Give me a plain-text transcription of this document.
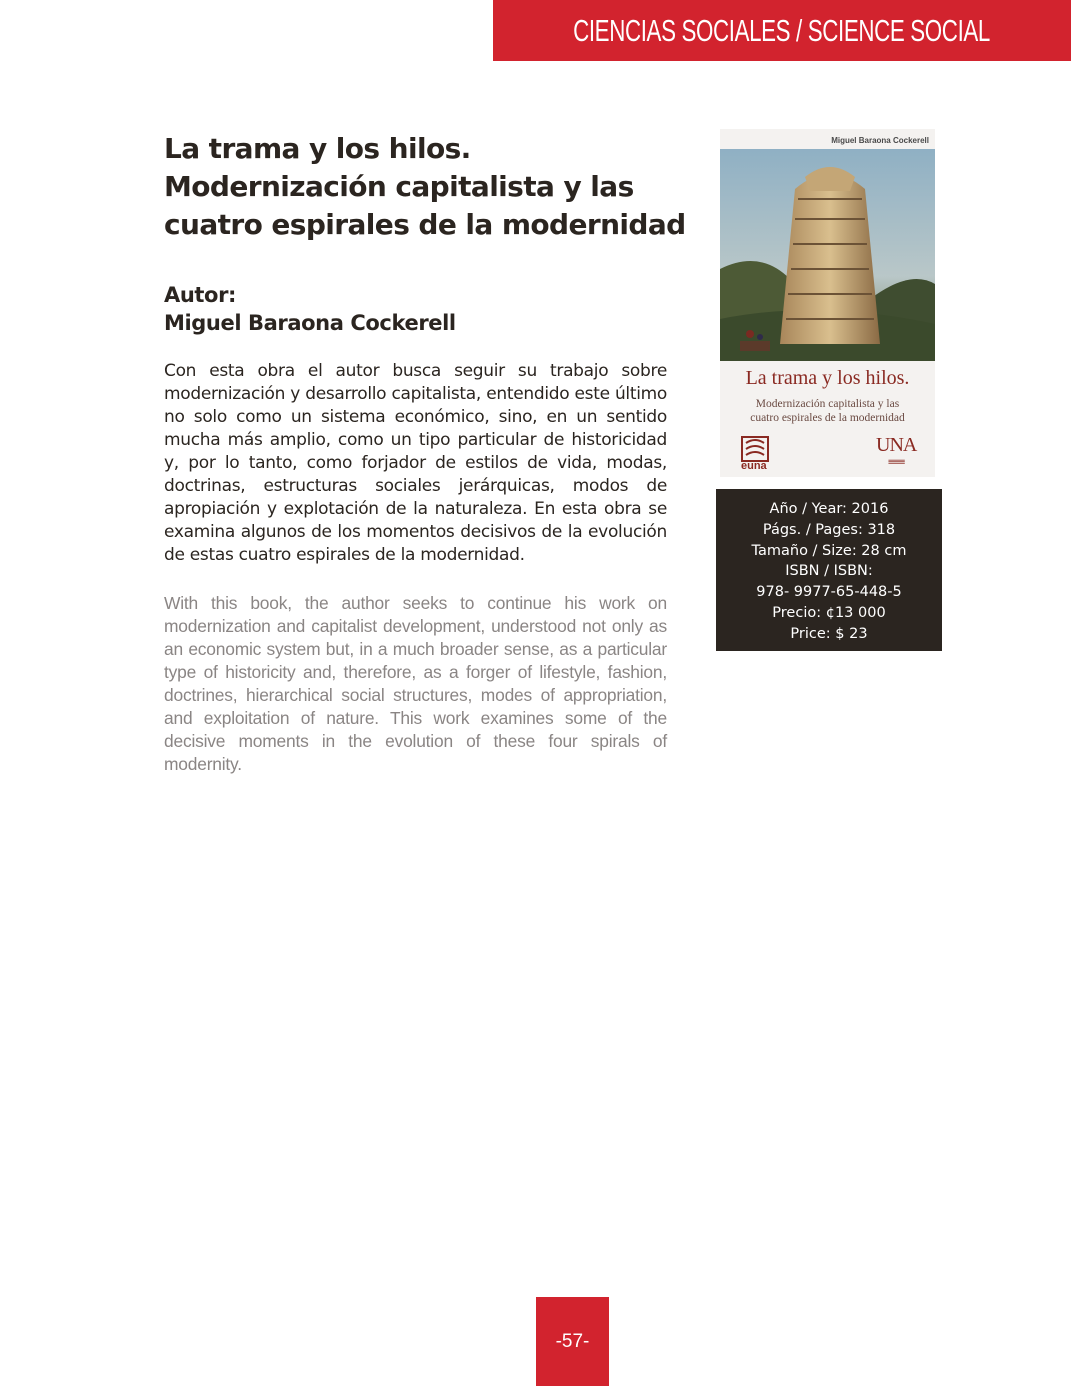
CIENCIAS SOCIALES / SCIENCE SOCIAL
La trama y los hilos.
Modernización capitalista y las
cuatro espirales de la modernidad
Autor:
Miguel Baraona Cockerell

Con esta obra el autor busca seguir su trabajo sobre modernización y desarrollo capitalista, entendido este último no solo como un sistema económico, sino, en un sentido mucha más amplio, como un tipo particular de historicidad y, por lo tanto, como forjador de estilos de vida, modas, doctrinas, estructuras sociales jerárquicas, modos de apropiación y explotación de la naturaleza. En esta obra se examina algunos de los momentos decisivos de la evolución de estas cuatro espirales de la modernidad.

With this book, the author seeks to continue his work on modernization and capitalist development, understood not only as an economic system but, in a much broader sense, as a particular type of historicity and, therefore, as a forger of lifestyle, fashion, doctrines, hierarchical social structures, modes of appropriation, and exploitation of nature. This work examines some of the decisive moments in the evolution of these four spirals of modernity.

Miguel Baraona Cockerell
La trama y los hilos.
Modernización capitalista y las
cuatro espirales de la modernidad
euna
UNA
Año / Year: 2016
Págs. / Pages: 318
Tamaño / Size: 28 cm
ISBN / ISBN:
978- 9977-65-448-5
Precio: ¢13 000
Price: $ 23
-57-
